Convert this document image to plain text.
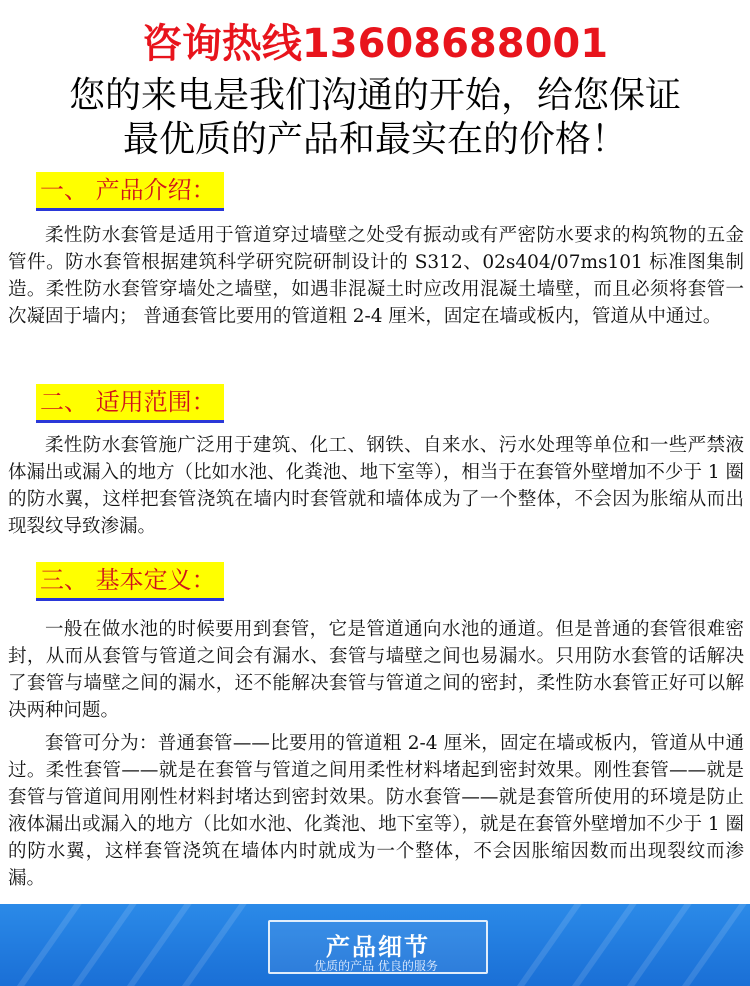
咨询热线13608688001
您的来电是我们沟通的开始，给您保证
最优质的产品和最实在的价格！
一、 产品介绍：
柔性防水套管是适用于管道穿过墙壁之处受有振动或有严密防水要求的构筑物的五金管件。防水套管根据建筑科学研究院研制设计的 S312、02s404/07ms101 标准图集制造。柔性防水套管穿墙处之墙壁，如遇非混凝土时应改用混凝土墙壁，而且必须将套管一次凝固于墙内； 普通套管比要用的管道粗 2-4 厘米，固定在墙或板内，管道从中通过。
二、 适用范围：
柔性防水套管施广泛用于建筑、化工、钢铁、自来水、污水处理等单位和一些严禁液体漏出或漏入的地方（比如水池、化粪池、地下室等），相当于在套管外壁增加不少于 1 圈的防水翼，这样把套管浇筑在墙内时套管就和墙体成为了一个整体，不会因为胀缩从而出现裂纹导致渗漏。
三、 基本定义：
一般在做水池的时候要用到套管，它是管道通向水池的通道。但是普通的套管很难密封，从而从套管与管道之间会有漏水、套管与墙壁之间也易漏水。只用防水套管的话解决了套管与墙壁之间的漏水，还不能解决套管与管道之间的密封，柔性防水套管正好可以解决两种问题。
套管可分为：普通套管——比要用的管道粗 2-4 厘米，固定在墙或板内，管道从中通过。柔性套管——就是在套管与管道之间用柔性材料堵起到密封效果。刚性套管——就是套管与管道间用刚性材料封堵达到密封效果。防水套管——就是套管所使用的环境是防止液体漏出或漏入的地方（比如水池、化粪池、地下室等），就是在套管外壁增加不少于 1 圈的防水翼，这样套管浇筑在墙体内时就成为一个整体，不会因胀缩因数而出现裂纹而渗漏。
产品细节
优质的产品 优良的服务
